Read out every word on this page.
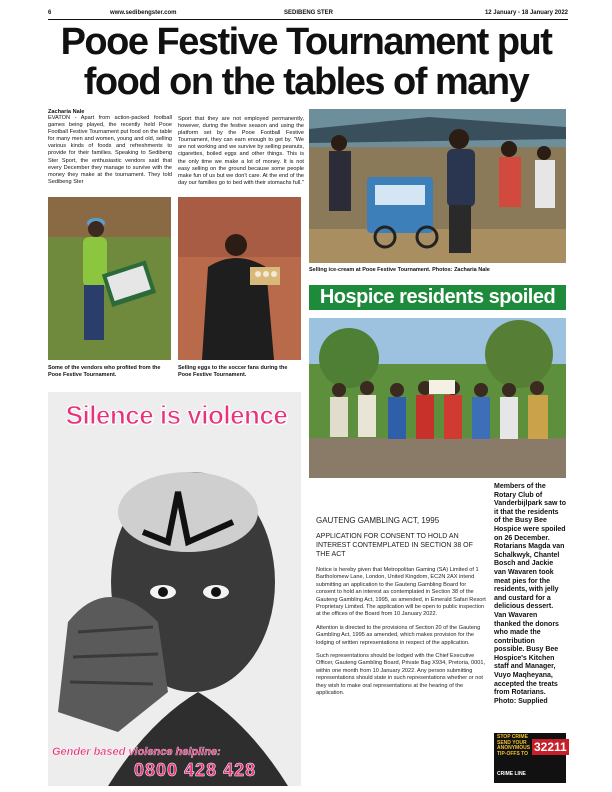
6	www.sedibengster.com	SEDIBENG STER	12 January - 18 January 2022
Pooe Festive Tournament put
food on the tables of many
Zacharia Nale
EVATON - Apart from action-packed football games being played, the recently held Pooe Football Festive Tournament put food on the table for many men and women, young and old, selling various kinds of foods and refreshments to provide for their families. Speaking to Sedibeng Ster Sport, the enthusiastic vendors said that every December they manage to survive with the money they make at the tournament. They told Sedibeng Ster
Sport that they are not employed permanently, however, during the festive season and using the platform set by the Pooe Football Festive Tournament, they can earn enough to get by. "We are not working and we survive by selling peanuts, cigarettes, boiled eggs and other things. This is the only time we make a lot of money. It is not easy selling on the ground because some people make fun of us but we don't care. At the end of the day our families go to bed with their stomachs full."
Some of the vendors who profited from the Pooe Festive Tournament.
Selling eggs to the soccer fans during the Pooe Festive Tournament.
Selling ice-cream at Pooe Festive Tournament. Photos: Zacharia Nale
Hospice residents spoiled
Members of the Rotary Club of Vanderbijlpark saw to it that the residents of the Busy Bee Hospice were spoiled on 26 December. Rotarians Magda van Schalkwyk, Chantel Bosch and Jackie van Wavaren took meat pies for the residents, with jelly and custard for a delicious dessert. Van Wavaren thanked the donors who made the contribution possible. Busy Bee Hospice's Kitchen staff and Manager, Vuyo Maqheyana, accepted the treats from Rotarians. Photo: Supplied
Silence is violence
Gender based violence helpline:
0800 428 428
GAUTENG GAMBLING ACT, 1995
APPLICATION FOR CONSENT TO HOLD AN INTEREST CONTEMPLATED IN SECTION 38 OF THE ACT

Notice is hereby given that Metropolitan Gaming (SA) Limited of 1 Bartholomew Lane, London, United Kingdom, EC2N 2AX intend submitting an application to the Gauteng Gambling Board for consent to hold an interest as contemplated in Section 38 of the Gauteng Gambling Act, 1995, as amended, in Emerald Safari Resort Proprietary Limited. The application will be open to public inspection at the offices of the Board from 10 January 2022.

Attention is directed to the provisions of Section 20 of the Gauteng Gambling Act, 1995 as amended, which makes provision for the lodging of written representations in respect of the application.

Such representations should be lodged with the Chief Executive Officer, Gauteng Gambling Board, Private Bag X934, Pretoria, 0001, within one month from 10 January 2022. Any person submitting representations should state in such representations whether or not they wish to make oral representations at the hearing of the application.

STOP CRIME
SEND YOUR
ANONYMOUS
TIP-OFFS TO 32211
CRIME LINE
